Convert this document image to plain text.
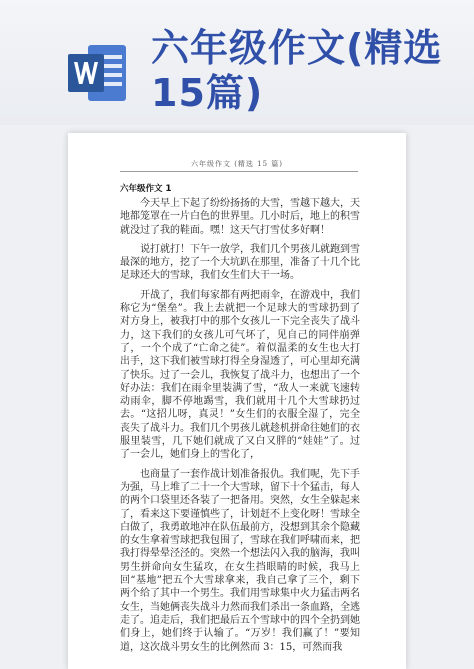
六年级作文(精选
15篇)
六年级作文 (精选 15 篇)
六年级作文 1

今天早上下起了纷纷扬扬的大雪，雪越下越大，天地都笼罩在一片白色的世界里。几小时后，地上的积雪就没过了我的鞋面。嘿！这天气打雪仗多好啊！

说打就打！下午一放学，我们几个男孩儿就跑到雪最深的地方，挖了一个大坑趴在那里，准备了十几个比足球还大的雪球，我们女生们大干一场。

开战了，我们每家都有两把雨伞，在游戏中，我们称它为“堡垒”。我上去就把一个足球大的雪球扔到了对方身上，被我打中的那个女孩儿一下完全丧失了战斗力，这下我们的女孩儿可气坏了，见自己的同伴崩弹了，一个个成了“亡命之徒”。着似温柔的女生也大打出手，这下我们被雪球打得全身湿透了，可心里却充满了快乐。过了一会儿，我恢复了战斗力，也想出了一个好办法：我们在雨伞里装满了雪，“敌人一来就飞速转动雨伞，脚不停地踢雪，我们就用十几个大雪球扔过去。“这招儿呀，真灵！”女生们的衣服全湿了，完全丧失了战斗力。我们几个男孩儿就趁机拼命往她们的衣服里装雪，几下她们就成了又白又胖的“娃娃”了。过了一会儿，她们身上的雪化了，

也商量了一套作战计划准备报仇。我们呢，先下手为强，马上堆了二十一个大雪球，留下十个猛击，每人的两个口袋里还各装了一把备用。突然，女生全躲起来了，看来这下要谨慎些了，计划赶不上变化呀！雪球全白做了，我勇敢地冲在队伍最前方，没想到其余个隐藏的女生拿着雪球把我包围了，雪球在我们呼啸而来，把我打得晕晕泾泾的。突然一个想法闪入我的脑海，我叫男生拼命向女生猛攻，在女生挡眼睛的时候，我马上回“基地”把五个大雪球拿来，我自己拿了三个，剩下两个给了其中一个男生。我们用雪球集中火力猛击两名女生，当她俩丧失战斗力然而我们杀出一条血路，全逃走了。追走后，我们把最后五个雪球中的四个全扔到她们身上，她们终于认输了。“万岁！我们赢了！”要知道，这次战斗男女生的比例然而 3：15，可然而我
